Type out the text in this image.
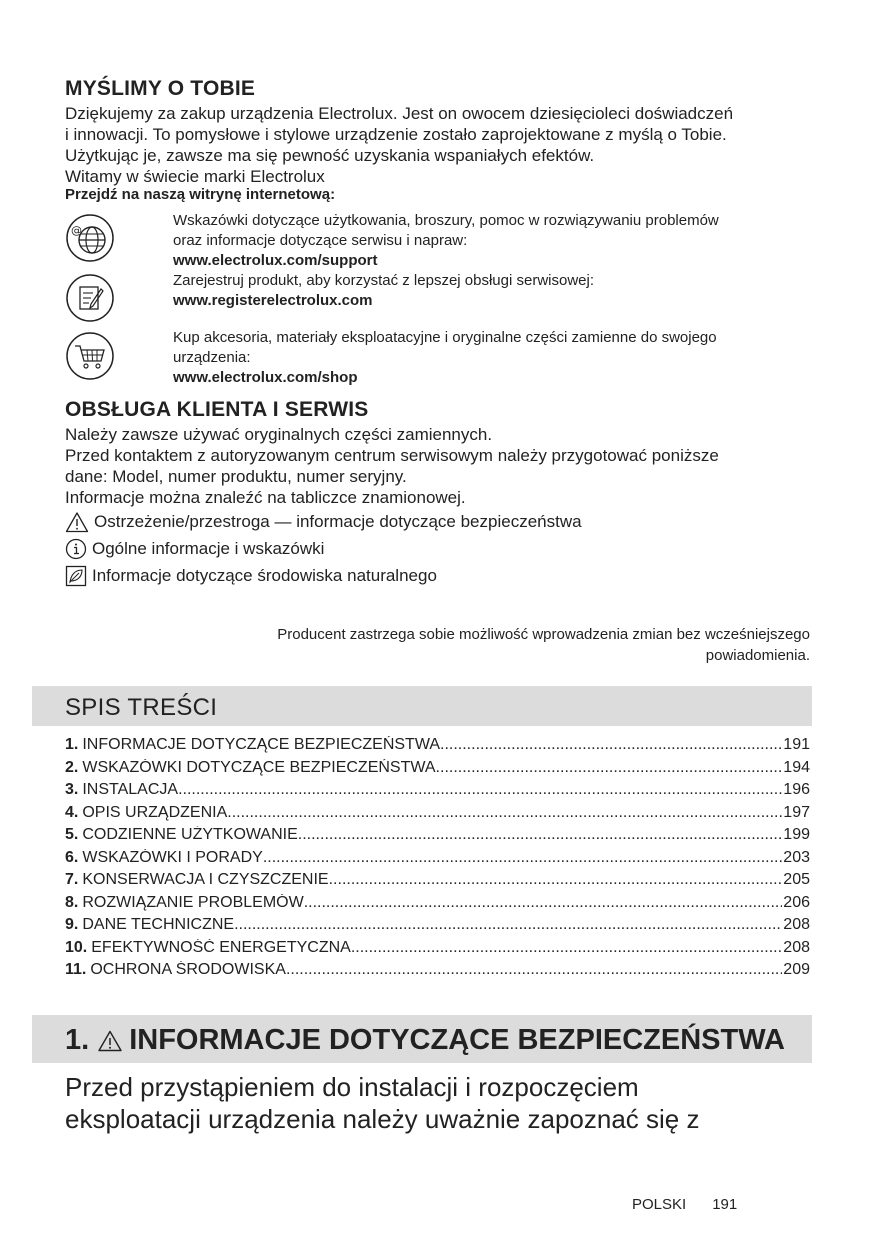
MYŚLIMY O TOBIE
Dziękujemy za zakup urządzenia Electrolux. Jest on owocem dziesięcioleci doświadczeń
i innowacji. To pomysłowe i stylowe urządzenie zostało zaprojektowane z myślą o Tobie.
Użytkując je, zawsze ma się pewność uzyskania wspaniałych efektów.
Witamy w świecie marki Electrolux
Przejdź na naszą witrynę internetową:
@
Wskazówki dotyczące użytkowania, broszury, pomoc w rozwiązywaniu problemów
oraz informacje dotyczące serwisu i napraw:
www.electrolux.com/support
Zarejestruj produkt, aby korzystać z lepszej obsługi serwisowej:
www.registerelectrolux.com
Kup akcesoria, materiały eksploatacyjne i oryginalne części zamienne do swojego
urządzenia:
www.electrolux.com/shop
OBSŁUGA KLIENTA I SERWIS
Należy zawsze używać oryginalnych części zamiennych.
Przed kontaktem z autoryzowanym centrum serwisowym należy przygotować poniższe
dane: Model, numer produktu, numer seryjny.
Informacje można znaleźć na tabliczce znamionowej.
Ostrzeżenie/przestroga — informacje dotyczące bezpieczeństwa
Ogólne informacje i wskazówki
Informacje dotyczące środowiska naturalnego
Producent zastrzega sobie możliwość wprowadzenia zmian bez wcześniejszego
powiadomienia.
SPIS TREŚCI
1. INFORMACJE DOTYCZĄCE BEZPIECZEŃSTWA .....	191
2. WSKAZÓWKI DOTYCZĄCE BEZPIECZEŃSTWA .....	194
3. INSTALACJA .....	196
4. OPIS URZĄDZENIA .....	197
5. CODZIENNE UŻYTKOWANIE .....	199
6. WSKAZÓWKI I PORADY .....	203
7. KONSERWACJA I CZYSZCZENIE .....	205
8. ROZWIĄZANIE PROBLEMÓW .....	206
9. DANE TECHNICZNE .....	208
10. EFEKTYWNOŚĆ ENERGETYCZNA .....	208
11. OCHRONA ŚRODOWISKA .....	209
1. INFORMACJE DOTYCZĄCE BEZPIECZEŃSTWA
Przed przystąpieniem do instalacji i rozpoczęciem
eksploatacji urządzenia należy uważnie zapoznać się z
POLSKI 191
